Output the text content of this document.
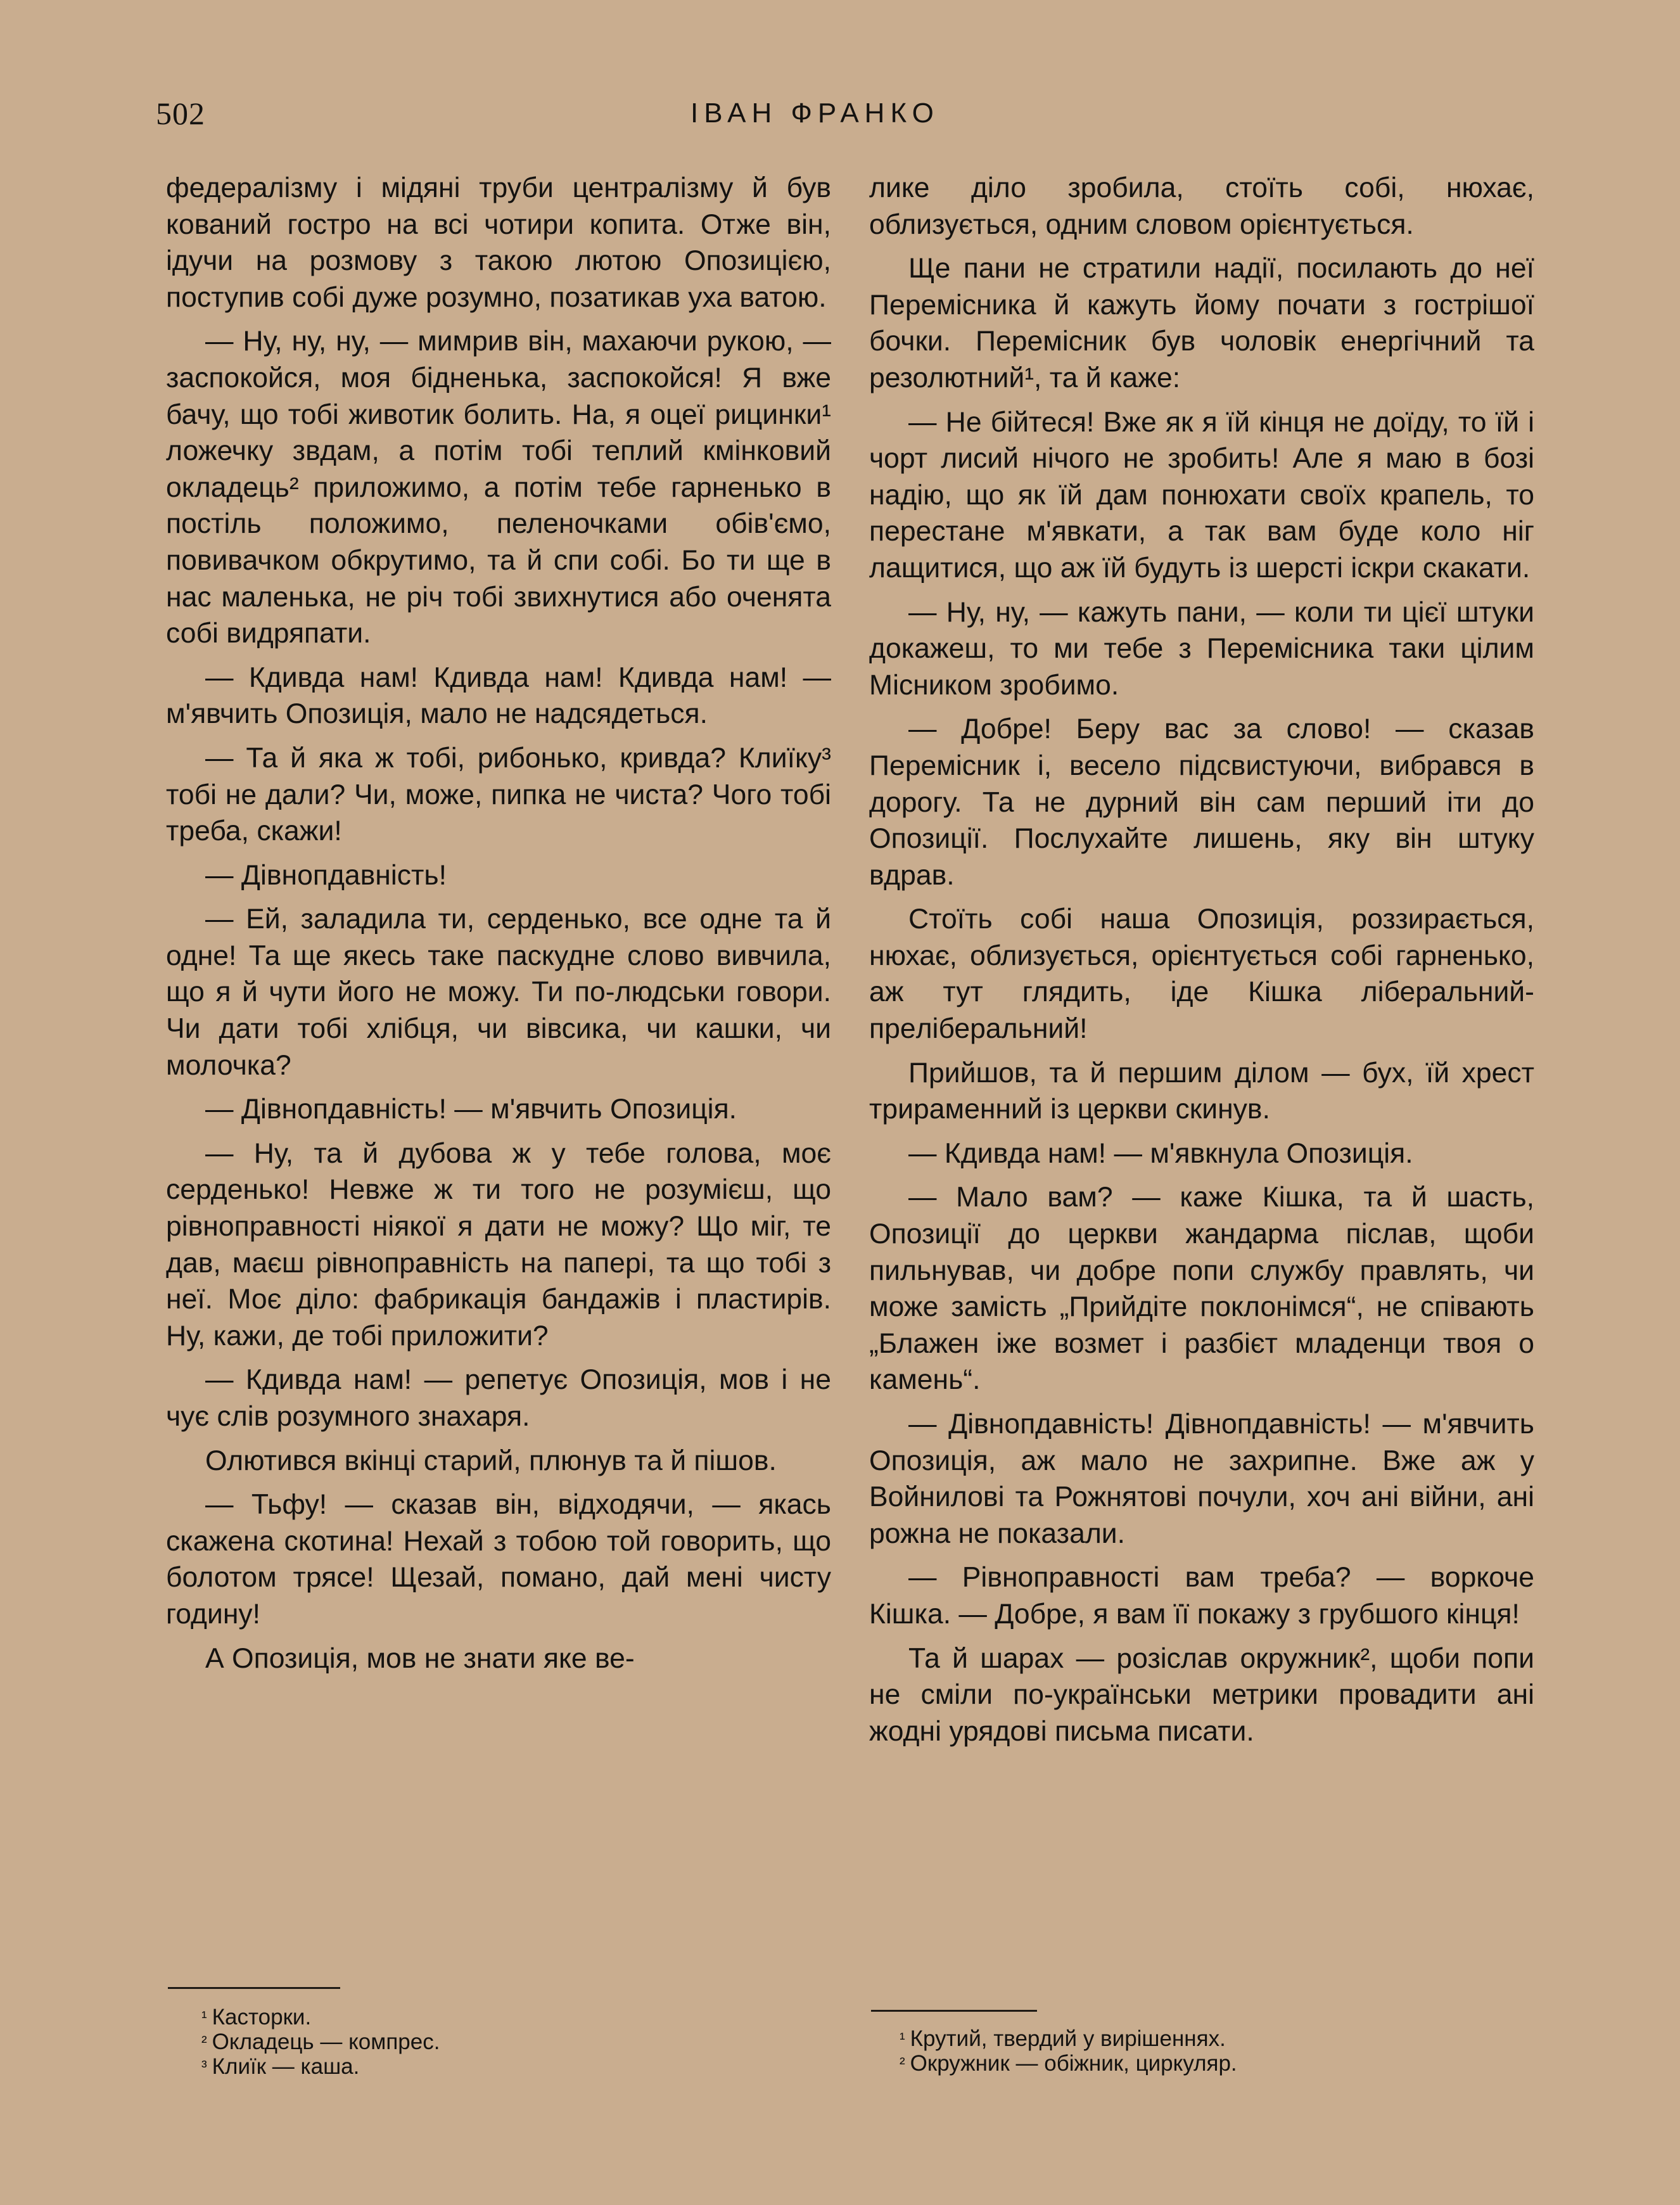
502	ІВАН ФРАНКО

федералізму і мідяні труби централізму й був кований гостро на всі чотири копита. Отже він, ідучи на розмову з такою лютою Опозицією, поступив собі дуже розумно, позатикав уха ватою.

— Ну, ну, ну, — мимрив він, махаючи рукою, — заспокойся, моя бідненька, заспокойся! Я вже бачу, що тобі животик болить. На, я оцеї рицинки¹ ложечку звдам, а потім тобі теплий кмінковий окладець² приложимо, а потім тебе гарненько в постіль положимо, пеленочками обів'ємо, повивачком обкрутимо, та й спи собі. Бо ти ще в нас маленька, не річ тобі звихнутися або оченята собі видряпати.

— Кдивда нам! Кдивда нам! Кдивда нам! — м'явчить Опозиція, мало не надсядеться.

— Та й яка ж тобі, рибонько, кривда? Клиїку³ тобі не дали? Чи, може, пипка не чиста? Чого тобі треба, скажи!

— Дівнопдавність!

— Ей, заладила ти, серденько, все одне та й одне! Та ще якесь таке паскудне слово вивчила, що я й чути його не можу. Ти по-людськи говори. Чи дати тобі хлібця, чи вівсика, чи кашки, чи молочка?

— Дівнопдавність! — м'явчить Опозиція.

— Ну, та й дубова ж у тебе голова, моє серденько! Невже ж ти того не розумієш, що рівноправності ніякої я дати не можу? Що міг, те дав, маєш рівноправність на папері, та що тобі з неї. Моє діло: фабрикація бандажів і пластирів. Ну, кажи, де тобі приложити?

— Кдивда нам! — репетує Опозиція, мов і не чує слів розумного знахаря.

Олютився вкінці старий, плюнув та й пішов.

— Тьфу! — сказав він, відходячи, — якась скажена скотина! Нехай з тобою той говорить, що болотом трясе! Щезай, помано, дай мені чисту годину!

А Опозиція, мов не знати яке ве-

лике діло зробила, стоїть собі, нюхає, облизується, одним словом орієнтується.

Ще пани не стратили надії, посилають до неї Перемісника й кажуть йому почати з гострішої бочки. Перемісник був чоловік енергічний та резолютний¹, та й каже:

— Не бійтеся! Вже як я їй кінця не доїду, то їй і чорт лисий нічого не зробить! Але я маю в бозі надію, що як їй дам понюхати своїх крапель, то перестане м'явкати, а так вам буде коло ніг лащитися, що аж їй будуть із шерсті іскри скакати.

— Ну, ну, — кажуть пани, — коли ти цієї штуки докажеш, то ми тебе з Перемісника таки цілим Місником зробимо.

— Добре! Беру вас за слово! — сказав Перемісник і, весело підсвистуючи, вибрався в дорогу. Та не дурний він сам перший іти до Опозиції. Послухайте лишень, яку він штуку вдрав.

Стоїть собі наша Опозиція, роззирається, нюхає, облизується, орієнтується собі гарненько, аж тут глядить, іде Кішка ліберальний-прeліберальний!

Прийшов, та й першим ділом — бух, їй хрест трираменний із церкви скинув.

— Кдивда нам! — м'явкнула Опозиція.

— Мало вам? — каже Кішка, та й шасть, Опозиції до церкви жандарма післав, щоби пильнував, чи добре попи службу правлять, чи може замість „Прийдіте поклонімся“, не співають „Блажен іже возмет і разбієт младенци твоя о камень“.

— Дівнопдавність! Дівнопдавність! — м'явчить Опозиція, аж мало не захрипне. Вже аж у Войнилові та Рожнятові почули, хоч ані війни, ані рожна не показали.

— Рівноправності вам треба? — воркоче Кішка. — Добре, я вам її покажу з грубшого кінця!

Та й шарах — розіслав окружник², щоби попи не сміли по-українськи метрики провадити ані жодні урядові письма писати.

$^{^1}$ Касторки.
$^{^2}$ Окладець — компрес.
$^{^3}$ Клиїк — каша.
$^{^1}$ Крутий, твердий у вирішеннях.
$^{^2}$ Окружник — обіжник, циркуляр.
